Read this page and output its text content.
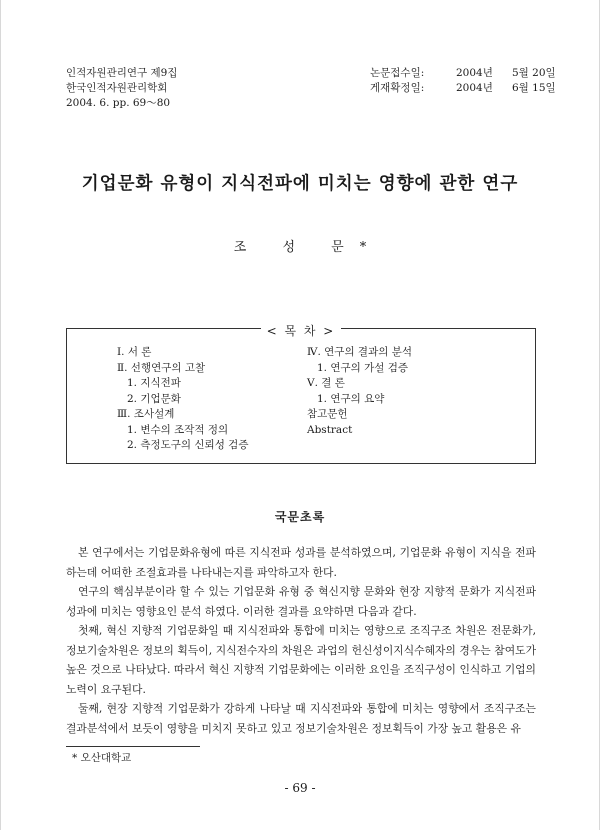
인적자원관리연구 제9집
한국인적자원관리학회
2004. 6. pp. 69～80
논문접수일:	2004년	5월 20일
게재확정일:	2004년	6월 15일
기업문화 유형이 지식전파에 미치는 영향에 관한 연구
조 성 문*
< 목 차 >
Ⅰ. 서 론
Ⅱ. 선행연구의 고찰
1. 지식전파
2. 기업문화
Ⅲ. 조사설계
1. 변수의 조작적 정의
2. 측정도구의 신뢰성 검증
Ⅳ. 연구의 결과의 분석
1. 연구의 가설 검증
Ⅴ. 결 론
1. 연구의 요약
참고문헌
Abstract
국문초록

본 연구에서는 기업문화유형에 따른 지식전파 성과를 분석하였으며, 기업문화 유형이 지식을 전파하는데 어떠한 조절효과를 나타내는지를 파악하고자 한다.

연구의 핵심부분이라 할 수 있는 기업문화 유형 중 혁신지향 문화와 현장 지향적 문화가 지식전파 성과에 미치는 영향요인 분석 하였다. 이러한 결과를 요약하면 다음과 같다.

첫째, 혁신 지향적 기업문화일 때 지식전파와 통합에 미치는 영향으로 조직구조 차원은 전문화가, 정보기술차원은 정보의 획득이, 지식전수자의 차원은 과업의 헌신성이지식수혜자의 경우는 참여도가 높은 것으로 나타났다. 따라서 혁신 지향적 기업문화에는 이러한 요인을 조직구성이 인식하고 기업의 노력이 요구된다.

둘째, 현장 지향적 기업문화가 강하게 나타날 때 지식전파와 통합에 미치는 영향에서 조직구조는 결과분석에서 보듯이 영향을 미치지 못하고 있고 정보기술차원은 정보획득이 가장 높고 활용은 유

* 오산대학교
- 69 -
